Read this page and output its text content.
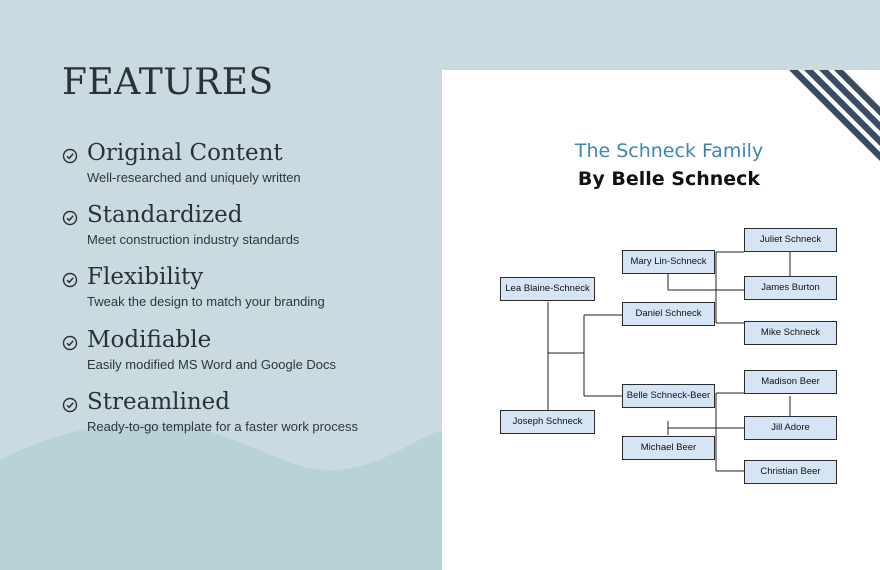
FEATURES
Original Content
Well-researched and uniquely written
Standardized
Meet construction industry standards
Flexibility
Tweak the design to match your branding
Modifiable
Easily modified MS Word and Google Docs
Streamlined
Ready-to-go template for a faster work process
The Schneck Family
By Belle Schneck
Lea Blaine-Schneck
Joseph Schneck
Mary Lin-Schneck
Daniel Schneck
Belle Schneck-Beer
Michael Beer
Juliet Schneck
James Burton
Mike Schneck
Madison Beer
Jill Adore
Christian Beer
